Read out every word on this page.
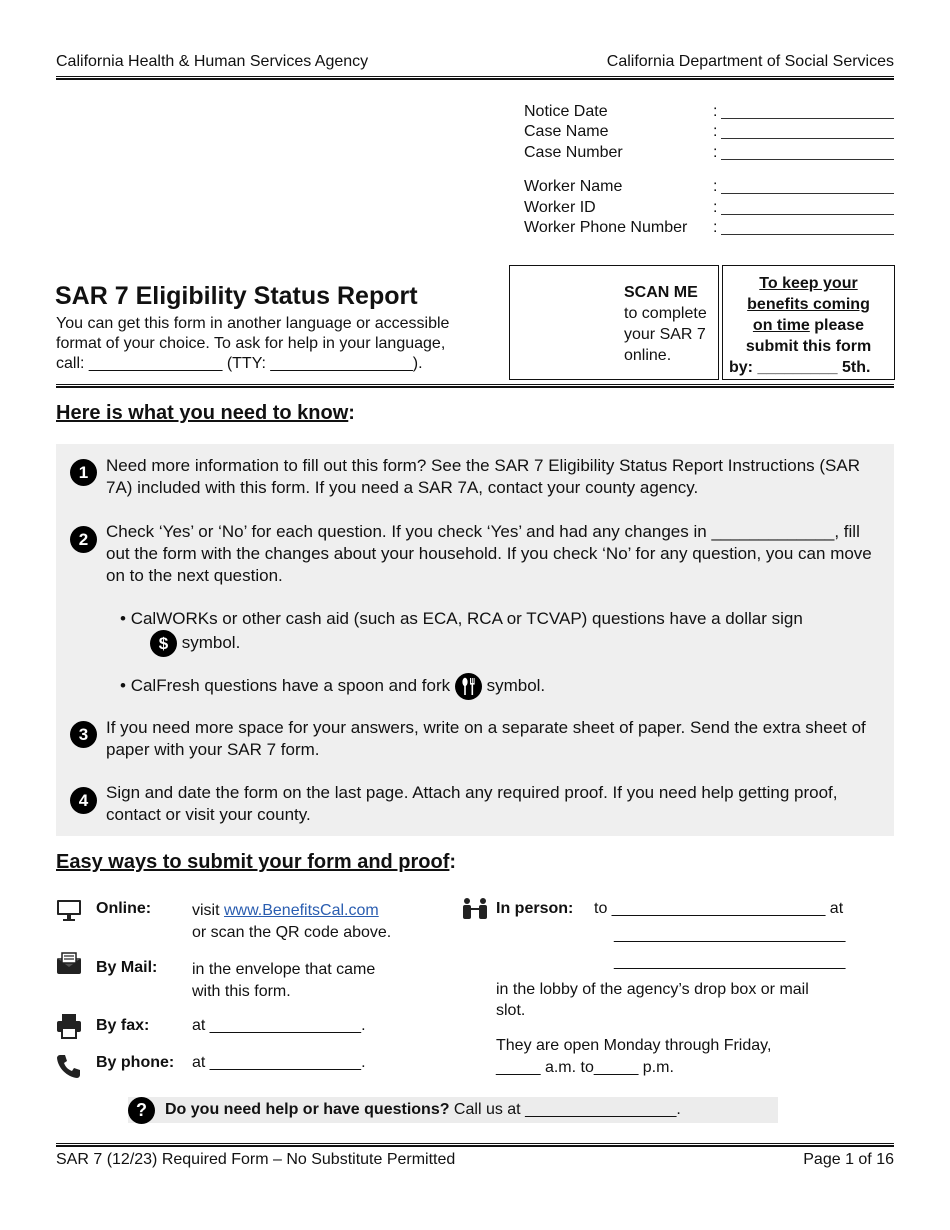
California Health & Human Services Agency	California Department of Social Services
Notice Date	:
Case Name	:
Case Number	:
Worker Name	:
Worker ID	:
Worker Phone Number :
SAR 7 Eligibility Status Report
You can get this form in another language or accessible
format of your choice. To ask for help in your language,
call: _______________ (TTY: ________________).
SCAN ME
to complete
your SAR 7
online.
To keep your
benefits coming
on time please
submit this form
by: _________ 5th.
Here is what you need to know:
1	Need more information to fill out this form? See the SAR 7 Eligibility Status Report Instructions (SAR 7A) included with this form. If you need a SAR 7A, contact your county agency.
2	Check ‘Yes’ or ‘No’ for each question. If you check ‘Yes’ and had any changes in _____________, fill out the form with the changes about your household. If you check ‘No’ for any question, you can move on to the next question.
• CalWORKs or other cash aid (such as ECA, RCA or TCVAP) questions have a dollar sign
$ symbol.
• CalFresh questions have a spoon and fork symbol.
3	If you need more space for your answers, write on a separate sheet of paper. Send the extra sheet of paper with your SAR 7 form.
4	Sign and date the form on the last page. Attach any required proof. If you need help getting proof, contact or visit your county.
Easy ways to submit your form and proof:
Online:	visit www.BenefitsCal.com
or scan the QR code above.
By Mail: in the envelope that came
with this form.
By fax:	at _________________.
By phone: at _________________.
In person: to ________________________ at
__________________________
__________________________
in the lobby of the agency’s drop box or mail
slot.
They are open Monday through Friday,
_____ a.m. to_____ p.m.
?	Do you need help or have questions? Call us at _________________.
SAR 7 (12/23) Required Form – No Substitute Permitted	Page 1 of 16
